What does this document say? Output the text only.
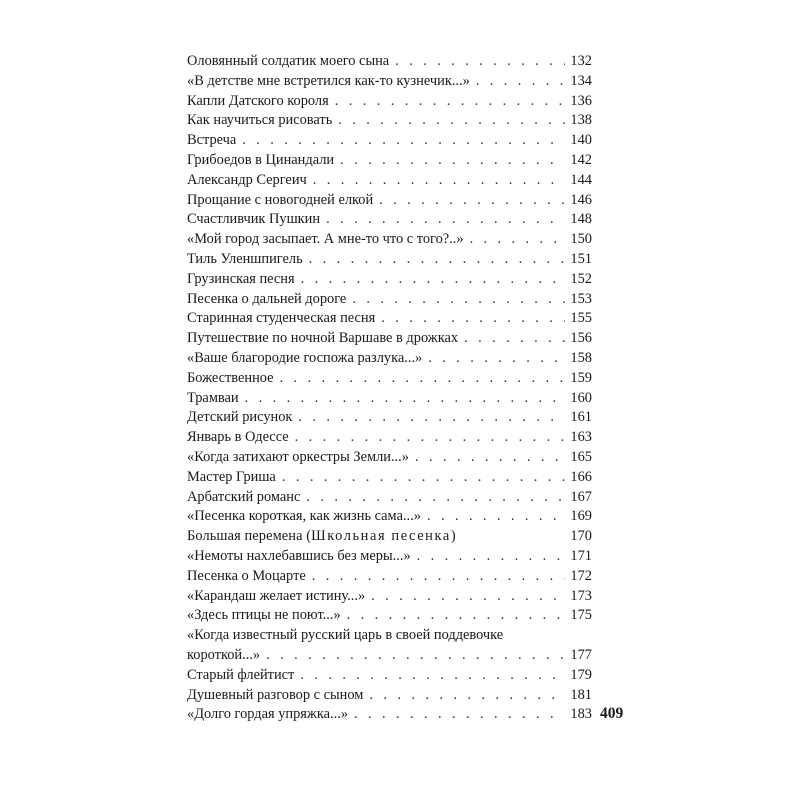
Оловянный солдатик моего сына . . .	132
«В детстве мне встретился как-то кузнечик...» . . .	134
Капли Датского короля . . .	136
Как научиться рисовать . . .	138
Встреча . . .	140
Грибоедов в Цинандали . . .	142
Александр Сергеич . . .	144
Прощание с новогодней елкой . . .	146
Счастливчик Пушкин . . .	148
«Мой город засыпает. А мне-то что с того?..» . . .	150
Тиль Уленшпигель . . .	151
Грузинская песня . . .	152
Песенка о дальней дороге . . .	153
Старинная студенческая песня . . .	155
Путешествие по ночной Варшаве в дрожках . . .	156
«Ваше благородие госпожа разлука...» . . .	158
Божественное . . .	159
Трамваи . . .	160
Детский рисунок . . .	161
Январь в Одессе . . .	163
«Когда затихают оркестры Земли...» . . .	165
Мастер Гриша . . .	166
Арбатский романс . . .	167
«Песенка короткая, как жизнь сама...» . . .	169
Большая перемена (Школьная песенка)	170
«Немоты нахлебавшись без меры...» . . .	171
Песенка о Моцарте . . .	172
«Карандаш желает истину...» . . .	173
«Здесь птицы не поют...» . . .	175
«Когда известный русский царь в своей поддевочке
короткой...» . . .	177
Старый флейтист . . .	179
Душевный разговор с сыном . . .	181
«Долго гордая упряжка...» . . .	183 409
